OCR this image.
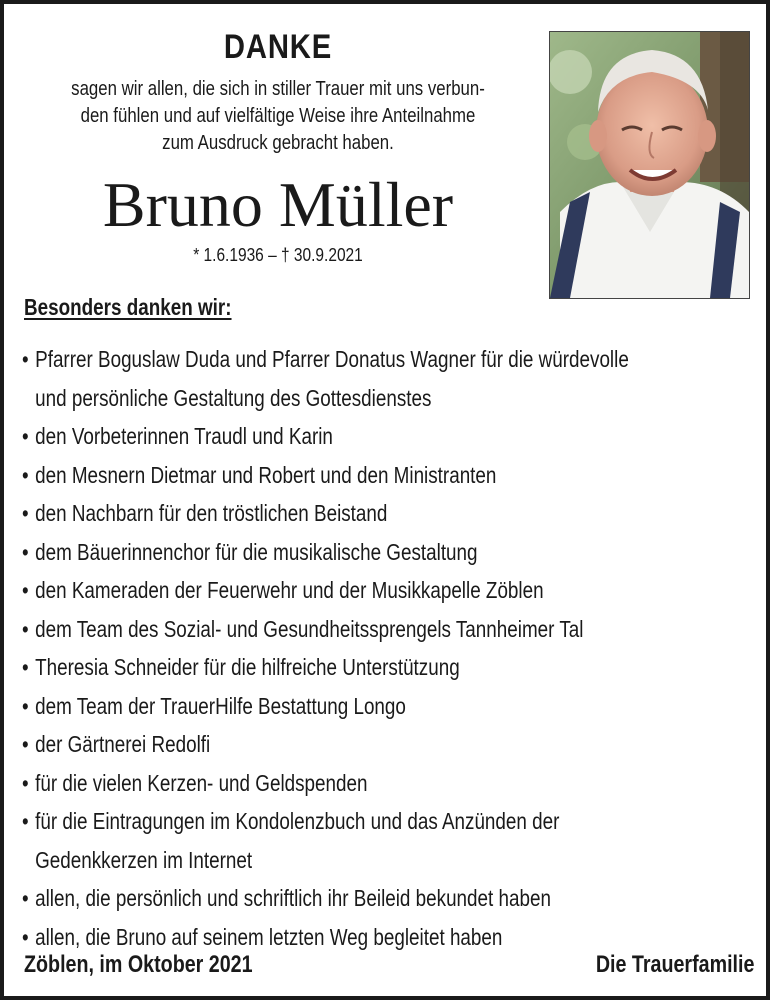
DANKE
sagen wir allen, die sich in stiller Trauer mit uns verbun-
den fühlen und auf vielfältige Weise ihre Anteilnahme
zum Ausdruck gebracht haben.
Bruno Müller
* 1.6.1936 – † 30.9.2021
Besonders danken wir:
• Pfarrer Boguslaw Duda und Pfarrer Donatus Wagner für die würdevolle
und persönliche Gestaltung des Gottesdienstes
• den Vorbeterinnen Traudl und Karin
• den Mesnern Dietmar und Robert und den Ministranten
• den Nachbarn für den tröstlichen Beistand
• dem Bäuerinnenchor für die musikalische Gestaltung
• den Kameraden der Feuerwehr und der Musikkapelle Zöblen
• dem Team des Sozial- und Gesundheitssprengels Tannheimer Tal
• Theresia Schneider für die hilfreiche Unterstützung
• dem Team der TrauerHilfe Bestattung Longo
• der Gärtnerei Redolfi
• für die vielen Kerzen- und Geldspenden
• für die Eintragungen im Kondolenzbuch und das Anzünden der
Gedenkkerzen im Internet
• allen, die persönlich und schriftlich ihr Beileid bekundet haben
• allen, die Bruno auf seinem letzten Weg begleitet haben
Zöblen, im Oktober 2021	Die Trauerfamilie
